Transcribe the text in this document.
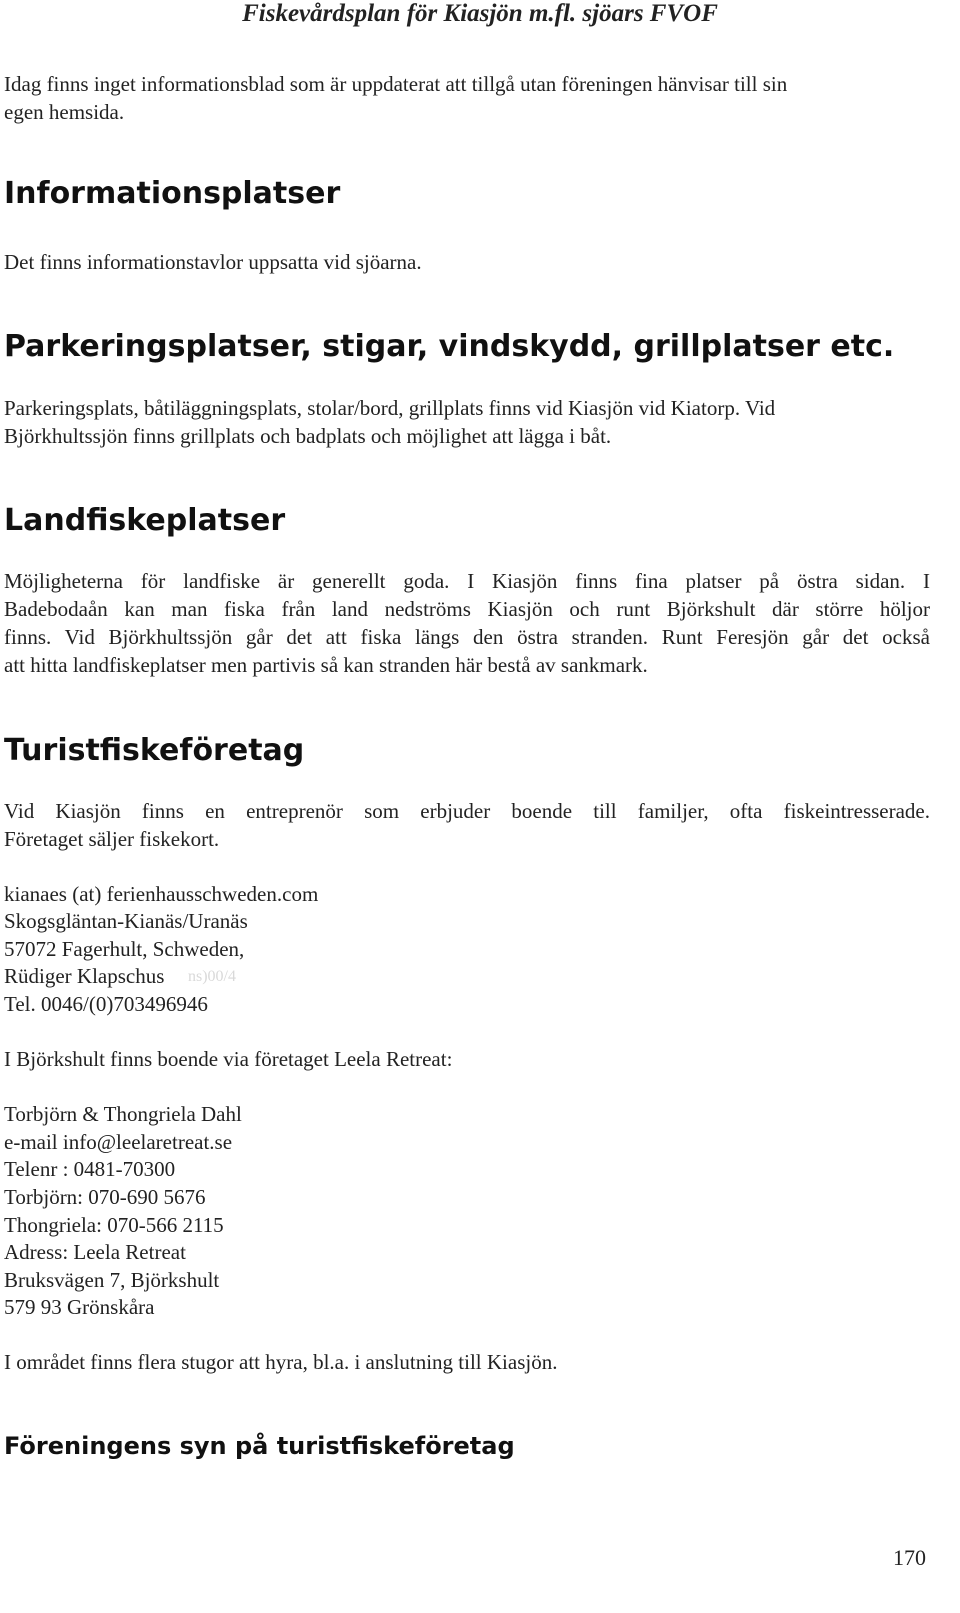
Fiskevårdsplan för Kiasjön m.fl. sjöars FVOF

Idag finns inget informationsblad som är uppdaterat att tillgå utan föreningen hänvisar till sin

egen hemsida.

Informationsplatser

Det finns informationstavlor uppsatta vid sjöarna.

Parkeringsplatser, stigar, vindskydd, grillplatser etc.

Parkeringsplats, båtiläggningsplats, stolar/bord, grillplats finns vid Kiasjön vid Kiatorp. Vid

Björkhultssjön finns grillplats och badplats och möjlighet att lägga i båt.

Landfiskeplatser

Möjligheterna för landfiske är generellt goda. I Kiasjön finns fina platser på östra sidan. I

Badebodaån kan man fiska från land nedströms Kiasjön och runt Björkshult där större höljor

finns. Vid Björkhultssjön går det att fiska längs den östra stranden. Runt Feresjön går det också

att hitta landfiskeplatser men partivis så kan stranden här bestå av sankmark.

Turistfiskeföretag

Vid Kiasjön finns en entreprenör som erbjuder boende till familjer, ofta fiskeintresserade.

Företaget säljer fiskekort.

kianaes (at) ferienhausschweden.com

Skogsgläntan-Kianäs/Uranäs

57072 Fagerhult, Schweden,

Rüdiger Klapschus ns)00/4

Tel. 0046/(0)703496946

I Björkshult finns boende via företaget Leela Retreat:

Torbjörn & Thongriela Dahl

e-mail info@leelaretreat.se

Telenr : 0481-70300

Torbjörn: 070-690 5676

Thongriela: 070-566 2115

Adress: Leela Retreat

Bruksvägen 7, Björkshult

579 93 Grönskåra

I området finns flera stugor att hyra, bl.a. i anslutning till Kiasjön.

Föreningens syn på turistfiskeföretag
170
